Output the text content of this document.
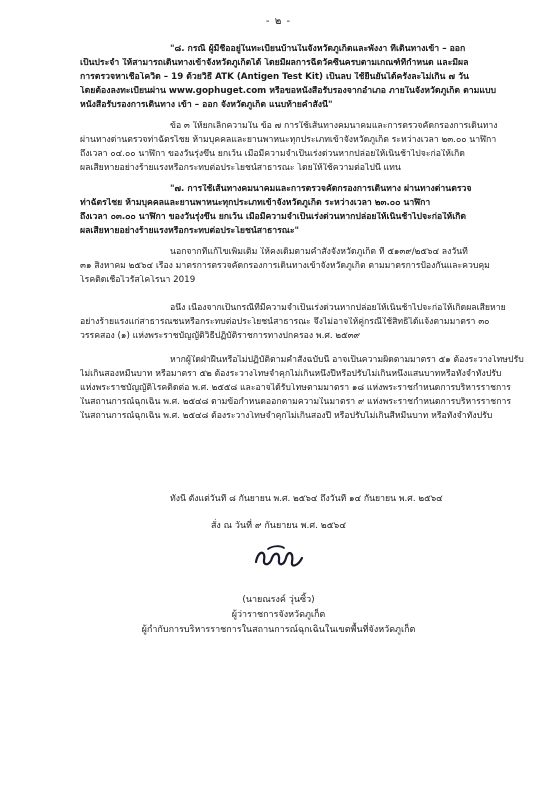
- ๒ -
"๘. กรณี ผู้มีชื่ออยู่ในทะเบียนบ้านในจังหวัดภูเก็ตและพังงา ที่เดินทางเข้า – ออก
เป็นประจำ ให้สามารถเดินทางเข้าจังหวัดภูเก็ตได้ โดยมีผลการฉีดวัคซีนครบตามเกณฑ์ที่กำหนด และมีผล
การตรวจหาเชื้อโควิด – 19 ด้วยวิธี ATK (Antigen Test Kit) เป็นลบ ใช้ยืนยันได้ครั้งละไม่เกิน ๗ วัน
โดยต้องลงทะเบียนผ่าน www.gophuget.com หรือขอหนังสือรับรองจากอำเภอ ภายในจังหวัดภูเก็ต ตามแบบ
หนังสือรับรองการเดินทาง เข้า – ออก จังหวัดภูเก็ต แนบท้ายคำสั่งนี้"
ข้อ ๓ ให้ยกเลิกความใน ข้อ ๗ การใช้เส้นทางคมนาคมและการตรวจคัดกรองการเดินทาง
ผ่านทางด่านตรวจท่าฉัตรไชย ห้ามบุคคลและยานพาหนะทุกประเภทเข้าจังหวัดภูเก็ต ระหว่างเวลา ๒๓.๐๐ นาฬิกา
ถึงเวลา ๐๔.๐๐ นาฬิกา ของวันรุ่งขึ้น ยกเว้น เมื่อมีความจำเป็นเร่งด่วนหากปล่อยให้เนิ่นช้าไปจะก่อให้เกิด
ผลเสียหายอย่างร้ายแรงหรือกระทบต่อประโยชน์สาธารณะ โดยให้ใช้ความต่อไปนี้ แทน
"๗. การใช้เส้นทางคมนาคมและการตรวจคัดกรองการเดินทาง ผ่านทางด่านตรวจ
ท่าฉัตรไชย ห้ามบุคคลและยานพาหนะทุกประเภทเข้าจังหวัดภูเก็ต ระหว่างเวลา ๒๓.๐๐ นาฬิกา
ถึงเวลา ๐๓.๐๐ นาฬิกา ของวันรุ่งขึ้น ยกเว้น เมื่อมีความจำเป็นเร่งด่วนหากปล่อยให้เนิ่นช้าไปจะก่อให้เกิด
ผลเสียหายอย่างร้ายแรงหรือกระทบต่อประโยชน์สาธารณะ"
นอกจากที่แก้ไขเพิ่มเติม ให้คงเดิมตามคำสั่งจังหวัดภูเก็ต ที่ ๕๑๓๙/๒๕๖๔ ลงวันที่
๓๑ สิงหาคม ๒๕๖๔ เรื่อง มาตรการตรวจคัดกรองการเดินทางเข้าจังหวัดภูเก็ต ตามมาตรการป้องกันและควบคุม
โรคติดเชื้อไวรัสโคโรนา 2019
อนึ่ง เนื่องจากเป็นกรณีที่มีความจำเป็นเร่งด่วนหากปล่อยให้เนิ่นช้าไปจะก่อให้เกิดผลเสียหาย
อย่างร้ายแรงแก่สาธารณชนหรือกระทบต่อประโยชน์สาธารณะ จึงไม่อาจให้คู่กรณีใช้สิทธิได้แจ้งตามมาตรา ๓๐
วรรคสอง (๑) แห่งพระราชบัญญัติวิธีปฏิบัติราชการทางปกครอง พ.ศ. ๒๕๓๙
หากผู้ใดฝ่าฝืนหรือไม่ปฏิบัติตามคำสั่งฉบับนี้ อาจเป็นความผิดตามมาตรา ๕๑ ต้องระวางโทษปรับ
ไม่เกินสองหมื่นบาท หรือมาตรา ๕๒ ต้องระวางโทษจำคุกไม่เกินหนึ่งปีหรือปรับไม่เกินหนึ่งแสนบาทหรือทั้งจำทั้งปรับ
แห่งพระราชบัญญัติโรคติดต่อ พ.ศ. ๒๕๕๘ และอาจได้รับโทษตามมาตรา ๑๘ แห่งพระราชกำหนดการบริหารราชการ
ในสถานการณ์ฉุกเฉิน พ.ศ. ๒๕๔๘ ตามข้อกำหนดออกตามความในมาตรา ๙ แห่งพระราชกำหนดการบริหารราชการ
ในสถานการณ์ฉุกเฉิน พ.ศ. ๒๕๔๘ ต้องระวางโทษจำคุกไม่เกินสองปี หรือปรับไม่เกินสี่หมื่นบาท หรือทั้งจำทั้งปรับ
ทั้งนี้ ตั้งแต่วันที่ ๘ กันยายน พ.ศ. ๒๕๖๔ ถึงวันที่ ๑๔ กันยายน พ.ศ. ๒๕๖๔
สั่ง ณ วันที่ ๙ กันยายน พ.ศ. ๒๕๖๔
(นายณรงค์ วุ่นซิ้ว)
ผู้ว่าราชการจังหวัดภูเก็ต
ผู้กำกับการบริหารราชการในสถานการณ์ฉุกเฉินในเขตพื้นที่จังหวัดภูเก็ต
